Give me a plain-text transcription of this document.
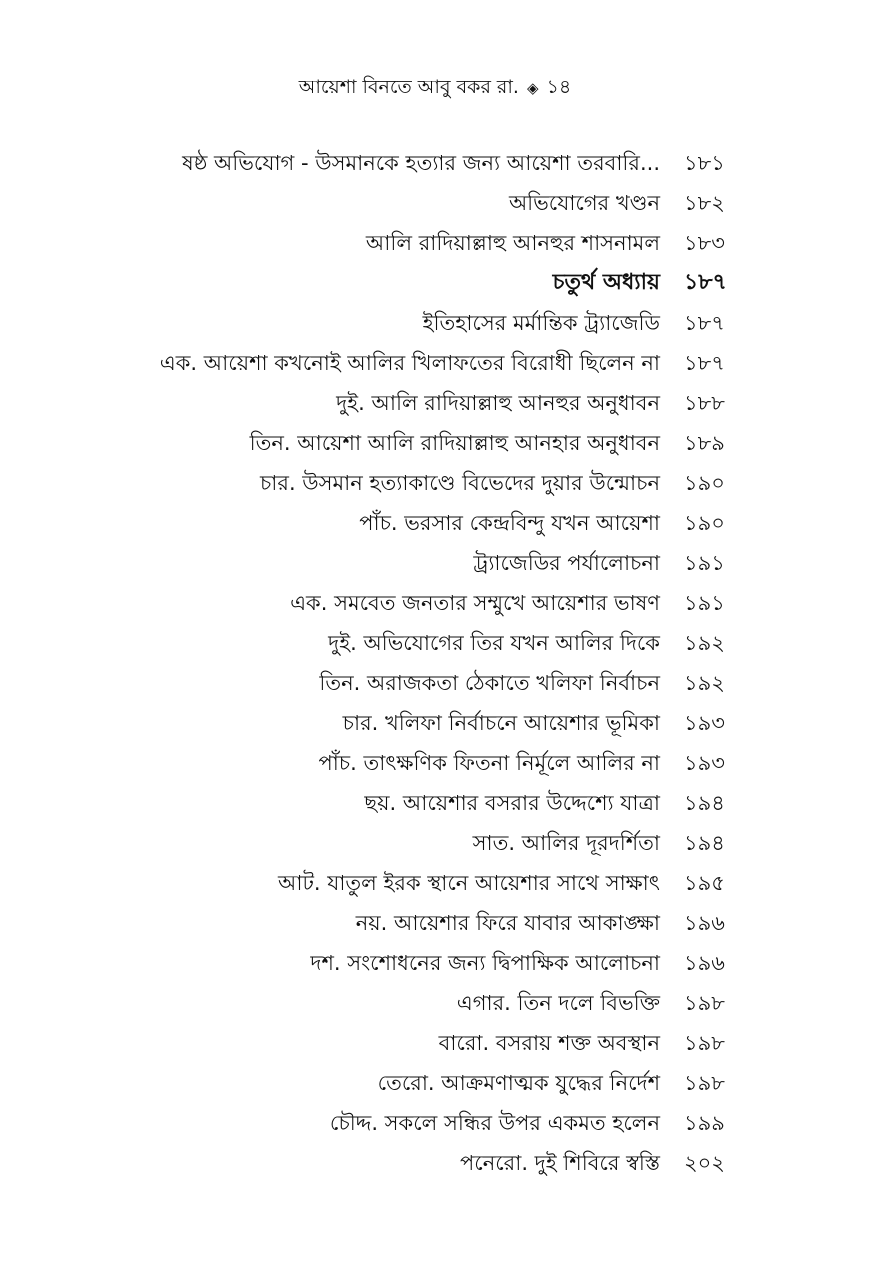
আয়েশা বিনতে আবু বকর রা. ◈ ১৪
ষষ্ঠ অভিযোগ - উসমানকে হত্যার জন্য আয়েশা তরবারি... ১৮১
অভিযোগের খণ্ডন ১৮২
আলি রাদিয়াল্লাহু আনহুর শাসনামল ১৮৩
চতুর্থ অধ্যায় ১৮৭
ইতিহাসের মর্মান্তিক ট্র্যাজেডি ১৮৭
এক. আয়েশা কখনোই আলির খিলাফতের বিরোধী ছিলেন না ১৮৭
দুই. আলি রাদিয়াল্লাহু আনহুর অনুধাবন ১৮৮
তিন. আয়েশা আলি রাদিয়াল্লাহু আনহার অনুধাবন ১৮৯
চার. উসমান হত্যাকাণ্ডে বিভেদের দুয়ার উন্মোচন ১৯০
পাঁচ. ভরসার কেন্দ্রবিন্দু যখন আয়েশা ১৯০
ট্র্যাজেডির পর্যালোচনা ১৯১
এক. সমবেত জনতার সম্মুখে আয়েশার ভাষণ ১৯১
দুই. অভিযোগের তির যখন আলির দিকে ১৯২
তিন. অরাজকতা ঠেকাতে খলিফা নির্বাচন ১৯২
চার. খলিফা নির্বাচনে আয়েশার ভূমিকা ১৯৩
পাঁচ. তাৎক্ষণিক ফিতনা নির্মূলে আলির না ১৯৩
ছয়. আয়েশার বসরার উদ্দেশ্যে যাত্রা ১৯৪
সাত. আলির দূরদর্শিতা ১৯৪
আট. যাতুল ইরক স্থানে আয়েশার সাথে সাক্ষাৎ ১৯৫
নয়. আয়েশার ফিরে যাবার আকাঙ্ক্ষা ১৯৬
দশ. সংশোধনের জন্য দ্বিপাক্ষিক আলোচনা ১৯৬
এগার. তিন দলে বিভক্তি ১৯৮
বারো. বসরায় শক্ত অবস্থান ১৯৮
তেরো. আক্রমণাত্মক যুদ্ধের নির্দেশ ১৯৮
চৌদ্দ. সকলে সন্ধির উপর একমত হলেন ১৯৯
পনেরো. দুই শিবিরে স্বস্তি ২০২
